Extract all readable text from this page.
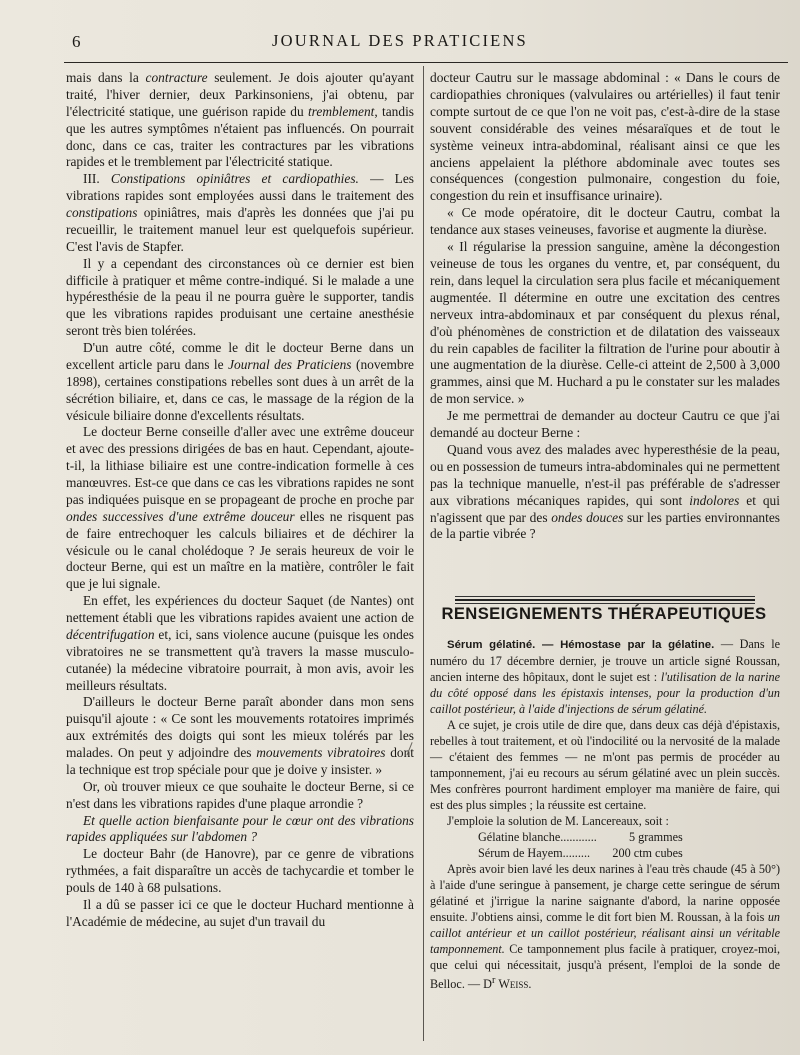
6	JOURNAL DES PRATICIENS

mais dans la contracture seulement. Je dois ajouter qu'ayant traité, l'hiver dernier, deux Parkinsoniens, j'ai obtenu, par l'électricité statique, une guérison rapide du tremblement, tandis que les autres symptômes n'étaient pas influencés. On pourrait donc, dans ce cas, traiter les contractures par les vibrations rapides et le tremblement par l'électricité statique.

III. Constipations opiniâtres et cardiopathies. — Les vibrations rapides sont employées aussi dans le traitement des constipations opiniâtres, mais d'après les données que j'ai pu recueillir, le traitement manuel leur est quelquefois supérieur. C'est l'avis de Stapfer.

Il y a cependant des circonstances où ce dernier est bien difficile à pratiquer et même contre-indiqué. Si le malade a une hypéresthésie de la peau il ne pourra guère le supporter, tandis que les vibrations rapides produisant une certaine anesthésie seront très bien tolérées.

D'un autre côté, comme le dit le docteur Berne dans un excellent article paru dans le Journal des Praticiens (novembre 1898), certaines constipations rebelles sont dues à un arrêt de la sécrétion biliaire, et, dans ce cas, le massage de la région de la vésicule biliaire donne d'excellents résultats.

Le docteur Berne conseille d'aller avec une extrême douceur et avec des pressions dirigées de bas en haut. Cependant, ajoute-t-il, la lithiase biliaire est une contre-indication formelle à ces manœuvres. Est-ce que dans ce cas les vibrations rapides ne sont pas indiquées puisque en se propageant de proche en proche par ondes successives d'une extrême douceur elles ne risquent pas de faire entrechoquer les calculs biliaires et de déchirer la vésicule ou le canal cholédoque ? Je serais heureux de voir le docteur Berne, qui est un maître en la matière, contrôler le fait que je lui signale.

En effet, les expériences du docteur Saquet (de Nantes) ont nettement établi que les vibrations rapides avaient une action de décentrifugation et, ici, sans violence aucune (puisque les ondes vibratoires ne se transmettent qu'à travers la masse musculo-cutanée) la médecine vibratoire pourrait, à mon avis, avoir les meilleurs résultats.

D'ailleurs le docteur Berne paraît abonder dans mon sens puisqu'il ajoute : « Ce sont les mouvements rotatoires imprimés aux extrémités des doigts qui sont les mieux tolérés par les malades. On peut y adjoindre des mouvements vibratoires dont la technique est trop spéciale pour que je doive y insister. »

Or, où trouver mieux ce que souhaite le docteur Berne, si ce n'est dans les vibrations rapides d'une plaque arrondie ?

Et quelle action bienfaisante pour le cœur ont des vibrations rapides appliquées sur l'abdomen ?

Le docteur Bahr (de Hanovre), par ce genre de vibrations rythmées, a fait disparaître un accès de tachycardie et tomber le pouls de 140 à 68 pulsations.

Il a dû se passer ici ce que le docteur Huchard mentionne à l'Académie de médecine, au sujet d'un travail du

docteur Cautru sur le massage abdominal : « Dans le cours de cardiopathies chroniques (valvulaires ou artérielles) il faut tenir compte surtout de ce que l'on ne voit pas, c'est-à-dire de la stase souvent considérable des veines mésaraïques et de tout le système veineux intra-abdominal, réalisant ainsi ce que les anciens appelaient la pléthore abdominale avec toutes ses conséquences (congestion pulmonaire, congestion du foie, congestion du rein et insuffisance urinaire).

« Ce mode opératoire, dit le docteur Cautru, combat la tendance aux stases veineuses, favorise et augmente la diurèse.

« Il régularise la pression sanguine, amène la décongestion veineuse de tous les organes du ventre, et, par conséquent, du rein, dans lequel la circulation sera plus facile et mécaniquement augmentée. Il détermine en outre une excitation des centres nerveux intra-abdominaux et par conséquent du plexus rénal, d'où phénomènes de constriction et de dilatation des vaisseaux du rein capables de faciliter la filtration de l'urine pour aboutir à une augmentation de la diurèse. Celle-ci atteint de 2,500 à 3,000 grammes, ainsi que M. Huchard a pu le constater sur les malades de mon service. »

Je me permettrai de demander au docteur Cautru ce que j'ai demandé au docteur Berne :

Quand vous avez des malades avec hyperesthésie de la peau, ou en possession de tumeurs intra-abdominales qui ne permettent pas la technique manuelle, n'est-il pas préférable de s'adresser aux vibrations mécaniques rapides, qui sont indolores et qui n'agissent que par des ondes douces sur les parties environnantes de la partie vibrée ?

RENSEIGNEMENTS THÉRAPEUTIQUES

Sérum gélatiné. — Hémostase par la gélatine. — Dans le numéro du 17 décembre dernier, je trouve un article signé Roussan, ancien interne des hôpitaux, dont le sujet est : l'utilisation de la narine du côté opposé dans les épistaxis intenses, pour la production d'un caillot postérieur, à l'aide d'injections de sérum gélatiné.

A ce sujet, je crois utile de dire que, dans deux cas déjà d'épistaxis, rebelles à tout traitement, et où l'indocilité ou la nervosité de la malade — c'étaient des femmes — ne m'ont pas permis de procéder au tamponnement, j'ai eu recours au sérum gélatiné avec un plein succès. Mes confrères pourront hardiment employer ma manière de faire, qui est des plus simples ; la réussite est certaine.

J'emploie la solution de M. Lancereaux, soit :

Gélatine blanche............	5 grammes
Sérum de Hayem.........	200 ctm cubes

Après avoir bien lavé les deux narines à l'eau très chaude (45 à 50°) à l'aide d'une seringue à pansement, je charge cette seringue de sérum gélatiné et j'irrigue la narine saignante d'abord, la narine opposée ensuite. J'obtiens ainsi, comme le dit fort bien M. Roussan, à la fois un caillot antérieur et un caillot postérieur, réalisant ainsi un véritable tamponnement. Ce tamponnement plus facile à pratiquer, croyez-moi, que celui qui nécessitait, jusqu'à présent, l'emploi de la sonde de Belloc. — $D^r$ Weiss.
